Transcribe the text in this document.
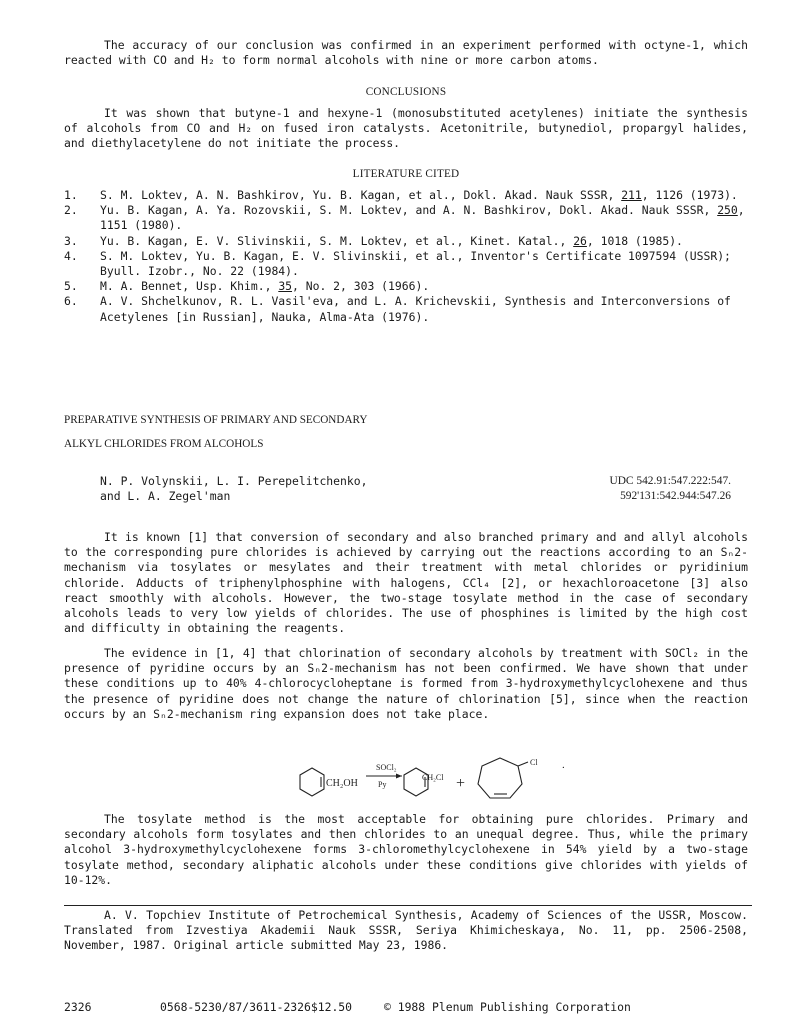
The accuracy of our conclusion was confirmed in an experiment performed with octyne-1, which reacted with CO and H₂ to form normal alcohols with nine or more carbon atoms.

CONCLUSIONS

It was shown that butyne-1 and hexyne-1 (monosubstituted acetylenes) initiate the synthesis of alcohols from CO and H₂ on fused iron catalysts. Acetonitrile, butynediol, propargyl halides, and diethylacetylene do not initiate the process.

LITERATURE CITED

1. S. M. Loktev, A. N. Bashkirov, Yu. B. Kagan, et al., Dokl. Akad. Nauk SSSR, 211, 1126 (1973).
2. Yu. B. Kagan, A. Ya. Rozovskii, S. M. Loktev, and A. N. Bashkirov, Dokl. Akad. Nauk SSSR, 250, 1151 (1980).
3. Yu. B. Kagan, E. V. Slivinskii, S. M. Loktev, et al., Kinet. Katal., 26, 1018 (1985).
4. S. M. Loktev, Yu. B. Kagan, E. V. Slivinskii, et al., Inventor's Certificate 1097594 (USSR); Byull. Izobr., No. 22 (1984).
5. M. A. Bennet, Usp. Khim., 35, No. 2, 303 (1966).
6. A. V. Shchelkunov, R. L. Vasil'eva, and L. A. Krichevskii, Synthesis and Interconversions of Acetylenes [in Russian], Nauka, Alma-Ata (1976).

PREPARATIVE SYNTHESIS OF PRIMARY AND SECONDARY

ALKYL CHLORIDES FROM ALCOHOLS

N. P. Volynskii, L. I. Perepelitchenko,
and L. A. Zegel'man
UDC 542.91:547.222:547.
592'131:542.944:547.26

It is known [1] that conversion of secondary and also branched primary and and allyl alcohols to the corresponding pure chlorides is achieved by carrying out the reactions according to an Sₙ2-mechanism via tosylates or mesylates and their treatment with metal chlorides or pyridinium chloride. Adducts of triphenylphosphine with halogens, CCl₄ [2], or hexachloroacetone [3] also react smoothly with alcohols. However, the two-stage tosylate method in the case of secondary alcohols leads to very low yields of chlorides. The use of phosphines is limited by the high cost and difficulty in obtaining the reagents.

The evidence in [1, 4] that chlorination of secondary alcohols by treatment with SOCl₂ in the presence of pyridine occurs by an Sₙ2-mechanism has not been confirmed. We have shown that under these conditions up to 40% 4-chlorocycloheptane is formed from 3-hydroxymethylcyclohexene and thus the presence of pyridine does not change the nature of chlorination [5], since when the reaction occurs by an Sₙ2-mechanism ring expansion does not take place.

CH₂OH
SOCl₂
Py
CH₂Cl +
Cl .

The tosylate method is the most acceptable for obtaining pure chlorides. Primary and secondary alcohols form tosylates and then chlorides to an unequal degree. Thus, while the primary alcohol 3-hydroxymethylcyclohexene forms 3-chloromethylcyclohexene in 54% yield by a two-stage tosylate method, secondary aliphatic alcohols under these conditions give chlorides with yields of 10-12%.

A. V. Topchiev Institute of Petrochemical Synthesis, Academy of Sciences of the USSR, Moscow. Translated from Izvestiya Akademii Nauk SSSR, Seriya Khimicheskaya, No. 11, pp. 2506-2508, November, 1987. Original article submitted May 23, 1986.

2326	0568-5230/87/3611-2326$12.50	© 1988 Plenum Publishing Corporation
